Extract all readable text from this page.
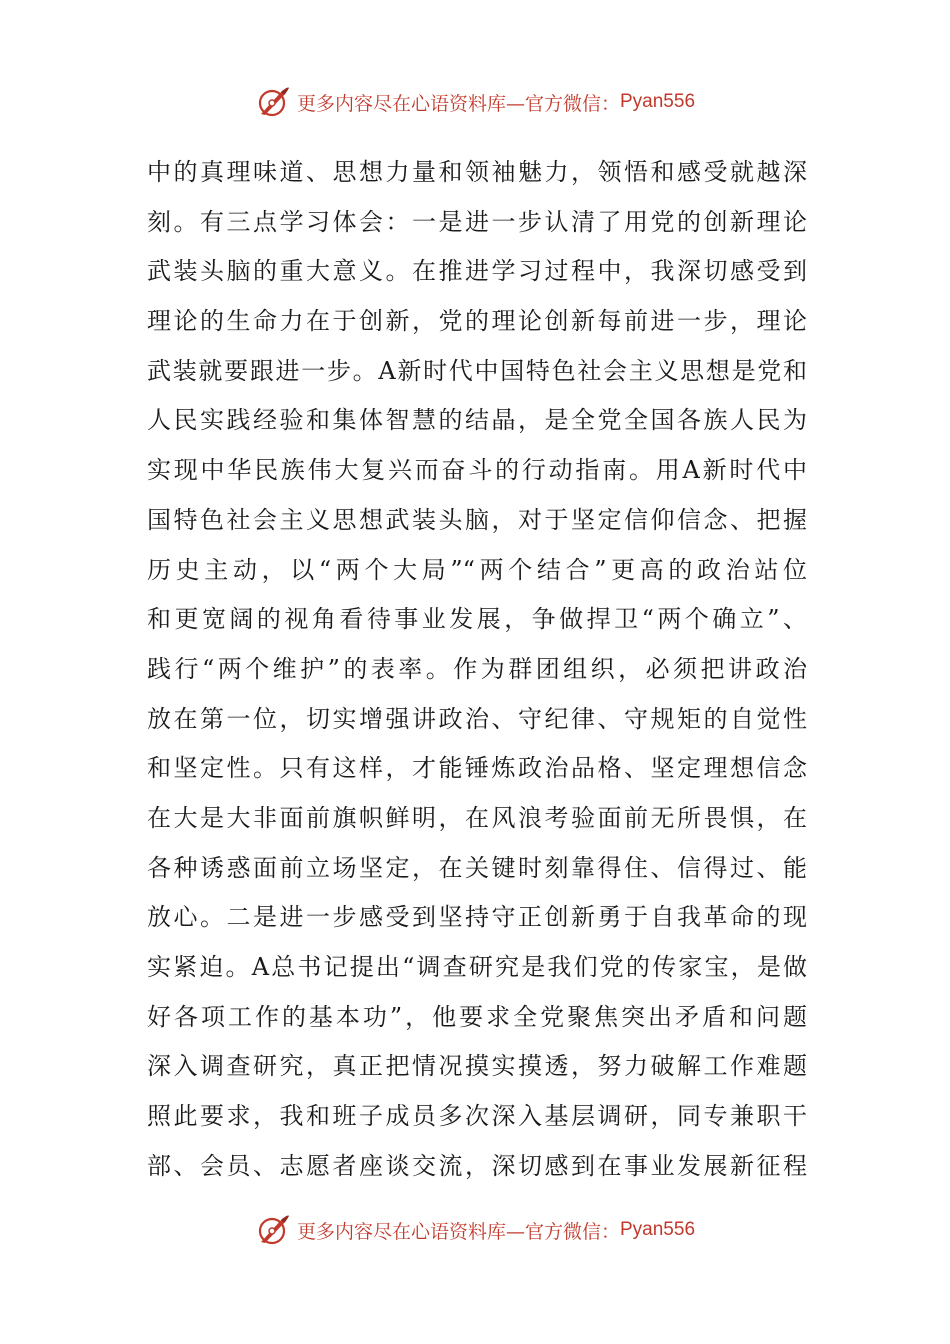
更多内容尽在心语资料库—官方微信： Pyan556
中的真理味道、思想力量和领袖魅力，领悟和感受就越深
刻。有三点学习体会：一是进一步认清了用党的创新理论
武装头脑的重大意义。在推进学习过程中，我深切感受到
理论的生命力在于创新，党的理论创新每前进一步，理论
武装就要跟进一步。A新时代中国特色社会主义思想是党和
人民实践经验和集体智慧的结晶，是全党全国各族人民为
实现中华民族伟大复兴而奋斗的行动指南。用A新时代中
国特色社会主义思想武装头脑，对于坚定信仰信念、把握
历史主动，以“两个大局”“两个结合”更高的政治站位
和更宽阔的视角看待事业发展，争做捍卫“两个确立”、
践行“两个维护”的表率。作为群团组织，必须把讲政治
放在第一位，切实增强讲政治、守纪律、守规矩的自觉性
和坚定性。只有这样，才能锤炼政治品格、坚定理想信念
在大是大非面前旗帜鲜明，在风浪考验面前无所畏惧，在
各种诱惑面前立场坚定，在关键时刻靠得住、信得过、能
放心。二是进一步感受到坚持守正创新勇于自我革命的现
实紧迫。A总书记提出“调查研究是我们党的传家宝，是做
好各项工作的基本功”，他要求全党聚焦突出矛盾和问题
深入调查研究，真正把情况摸实摸透，努力破解工作难题
照此要求，我和班子成员多次深入基层调研，同专兼职干
部、会员、志愿者座谈交流，深切感到在事业发展新征程
更多内容尽在心语资料库—官方微信： Pyan556
